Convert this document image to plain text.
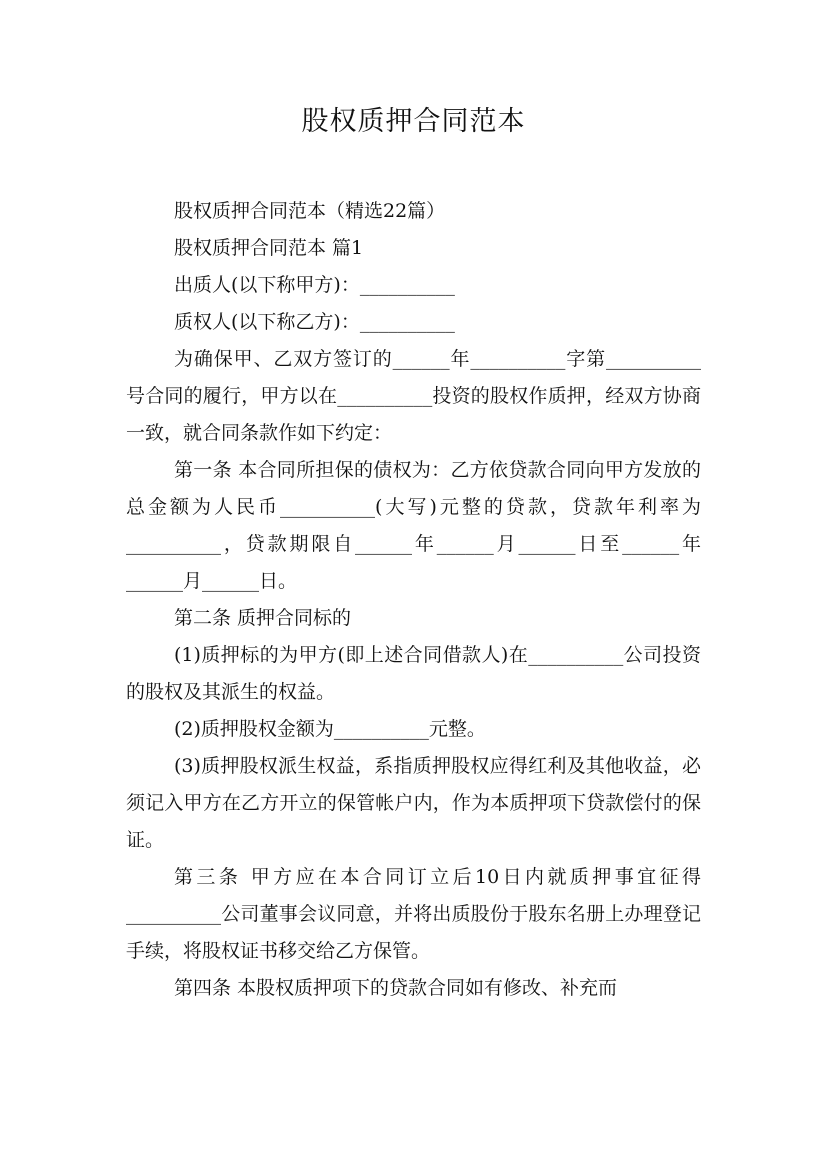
股权质押合同范本

股权质押合同范本（精选22篇）

股权质押合同范本 篇1

出质人(以下称甲方)：__________

质权人(以下称乙方)：__________

为确保甲、乙双方签订的______年__________字第__________号合同的履行，甲方以在__________投资的股权作质押，经双方协商一致，就合同条款作如下约定：

第一条 本合同所担保的债权为：乙方依贷款合同向甲方发放的总金额为人民币__________(大写)元整的贷款，贷款年利率为__________，贷款期限自______年______月______日至______年______月______日。

第二条 质押合同标的

(1)质押标的为甲方(即上述合同借款人)在__________公司投资的股权及其派生的权益。

(2)质押股权金额为__________元整。

(3)质押股权派生权益，系指质押股权应得红利及其他收益，必须记入甲方在乙方开立的保管帐户内，作为本质押项下贷款偿付的保证。

第三条 甲方应在本合同订立后10日内就质押事宜征得__________公司董事会议同意，并将出质股份于股东名册上办理登记手续，将股权证书移交给乙方保管。

第四条 本股权质押项下的贷款合同如有修改、补充而
